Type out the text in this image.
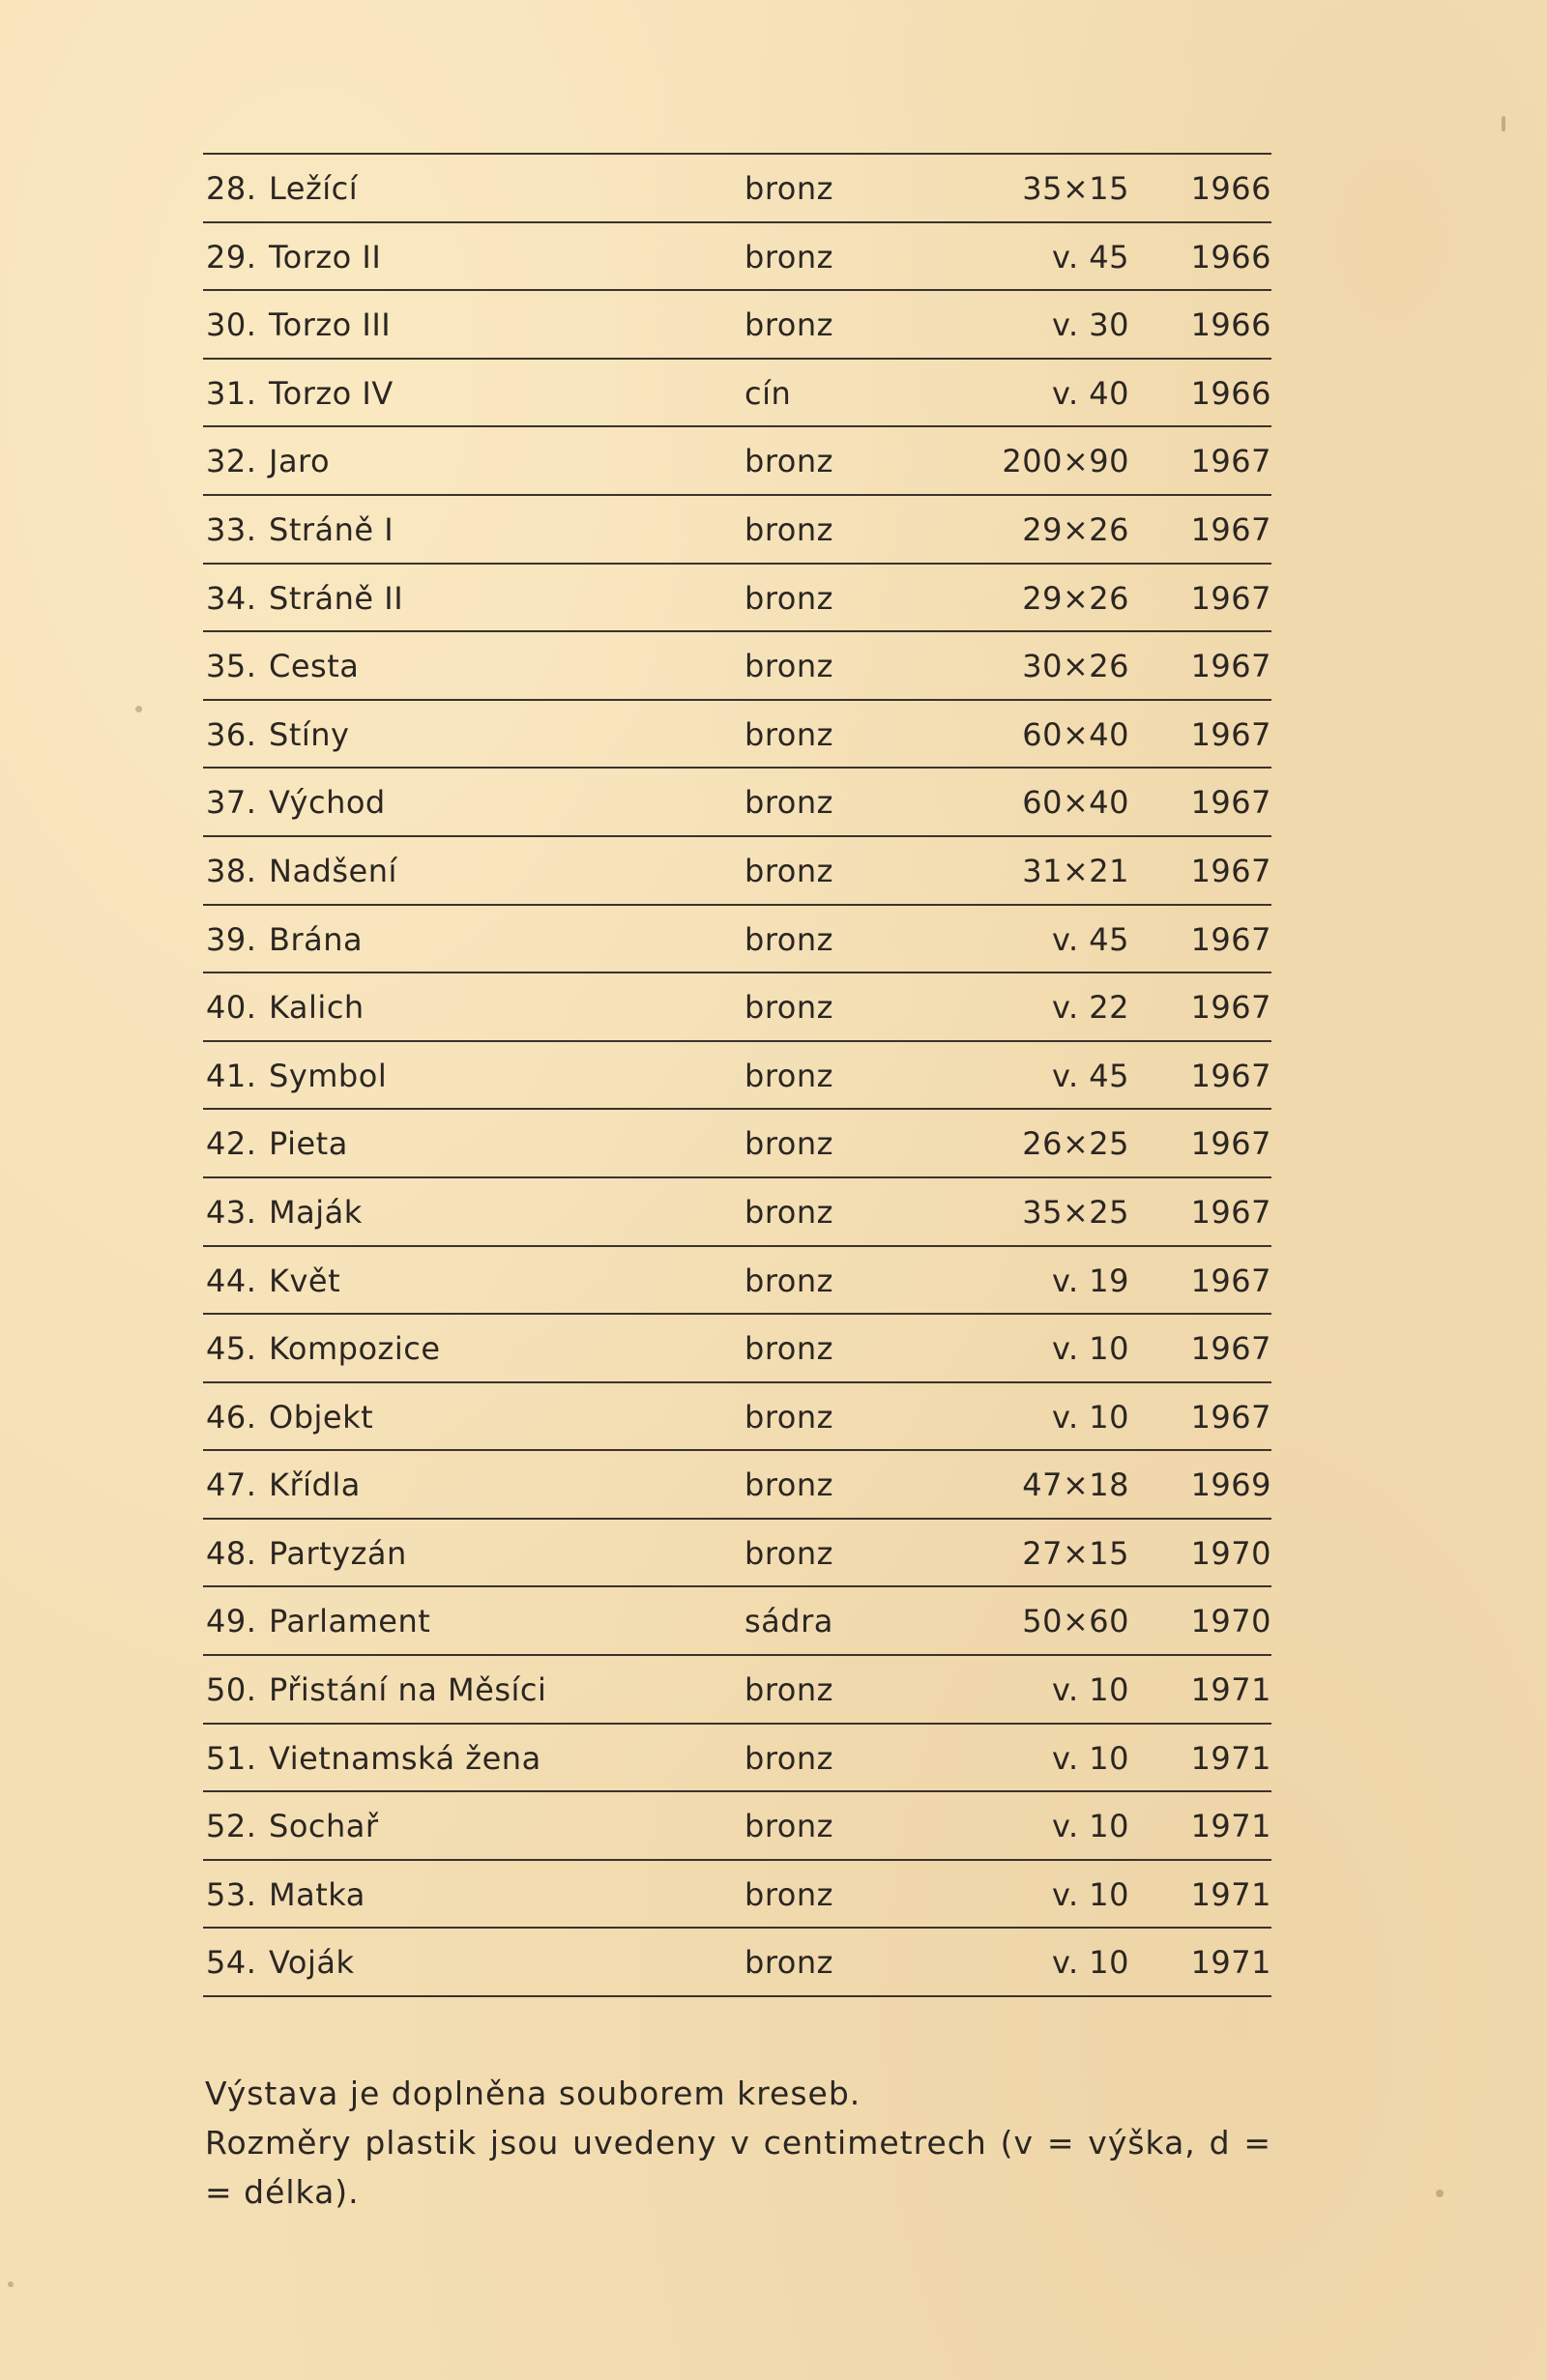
28. Ležící	bronz	35×15 1966
29. Torzo II	bronz	v. 45 1966
30. Torzo III	bronz	v. 30 1966
31. Torzo IV	cín	v. 40 1966
32. Jaro	bronz	200×90 1967
33. Stráně I	bronz	29×26 1967
34. Stráně II	bronz	29×26 1967
35. Cesta	bronz	30×26 1967
36. Stíny	bronz	60×40 1967
37. Východ	bronz	60×40 1967
38. Nadšení	bronz	31×21 1967
39. Brána	bronz	v. 45 1967
40. Kalich	bronz	v. 22 1967
41. Symbol	bronz	v. 45 1967
42. Pieta	bronz	26×25 1967
43. Maják	bronz	35×25 1967
44. Květ	bronz	v. 19 1967
45. Kompozice	bronz	v. 10 1967
46. Objekt	bronz	v. 10 1967
47. Křídla	bronz	47×18 1969
48. Partyzán	bronz	27×15 1970
49. Parlament	sádra	50×60 1970
50. Přistání na Měsíci	bronz	v. 10 1971
51. Vietnamská žena	bronz	v. 10 1971
52. Sochař	bronz	v. 10 1971
53. Matka	bronz	v. 10 1971
54. Voják	bronz	v. 10 1971

Výstava je doplněna souborem kreseb.

Rozměry plastik jsou uvedeny v centimetrech (v = výška, d = = délka).
